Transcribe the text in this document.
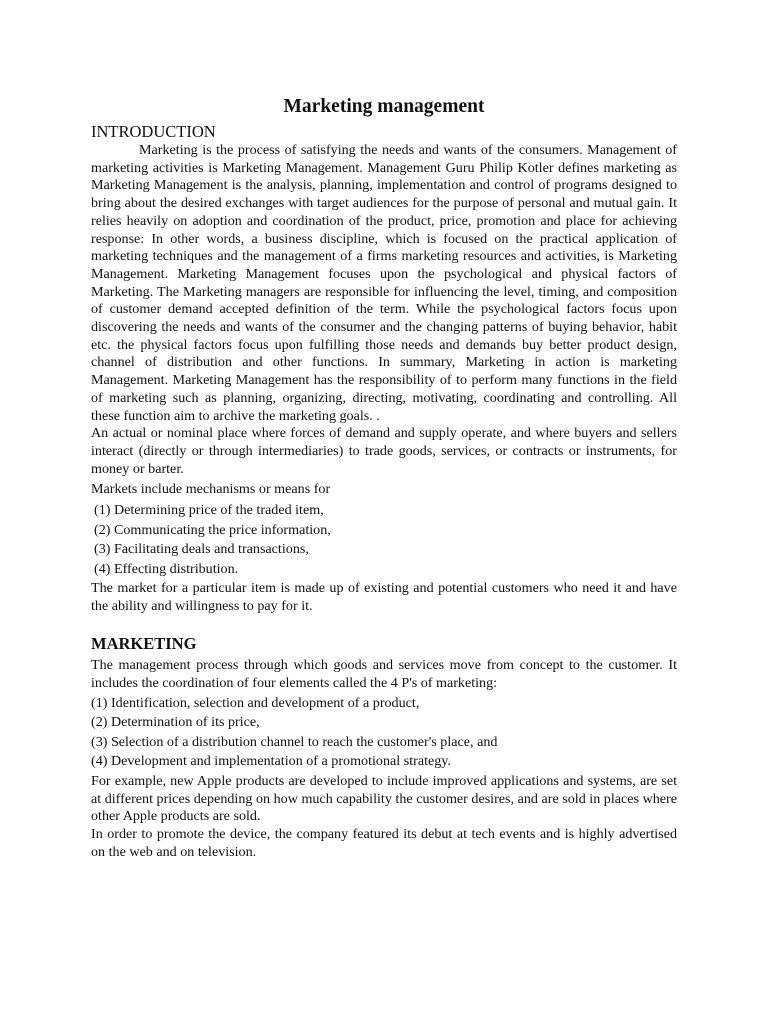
Marketing management
INTRODUCTION

Marketing is the process of satisfying the needs and wants of the consumers. Management of marketing activities is Marketing Management. Management Guru Philip Kotler defines marketing as Marketing Management is the analysis, planning, implementation and control of programs designed to bring about the desired exchanges with target audiences for the purpose of personal and mutual gain. It relies heavily on adoption and coordination of the product, price, promotion and place for achieving response: In other words, a business discipline, which is focused on the practical application of marketing techniques and the management of a firms marketing resources and activities, is Marketing Management. Marketing Management focuses upon the psychological and physical factors of Marketing. The Marketing managers are responsible for influencing the level, timing, and composition of customer demand accepted definition of the term. While the psychological factors focus upon discovering the needs and wants of the consumer and the changing patterns of buying behavior, habit etc. the physical factors focus upon fulfilling those needs and demands buy better product design, channel of distribution and other functions. In summary, Marketing in action is marketing Management. Marketing Management has the responsibility of to perform many functions in the field of marketing such as planning, organizing, directing, motivating, coordinating and controlling. All these function aim to archive the marketing goals. .

An actual or nominal place where forces of demand and supply operate, and where buyers and sellers interact (directly or through intermediaries) to trade goods, services, or contracts or instruments, for money or barter.

Markets include mechanisms or means for

(1) Determining price of the traded item,
(2) Communicating the price information,
(3) Facilitating deals and transactions,
(4) Effecting distribution.

The market for a particular item is made up of existing and potential customers who need it and have the ability and willingness to pay for it.

MARKETING

The management process through which goods and services move from concept to the customer. It includes the coordination of four elements called the 4 P's of marketing:

(1) Identification, selection and development of a product,
(2) Determination of its price,
(3) Selection of a distribution channel to reach the customer's place, and
(4) Development and implementation of a promotional strategy.

For example, new Apple products are developed to include improved applications and systems, are set at different prices depending on how much capability the customer desires, and are sold in places where other Apple products are sold.

In order to promote the device, the company featured its debut at tech events and is highly advertised on the web and on television.
